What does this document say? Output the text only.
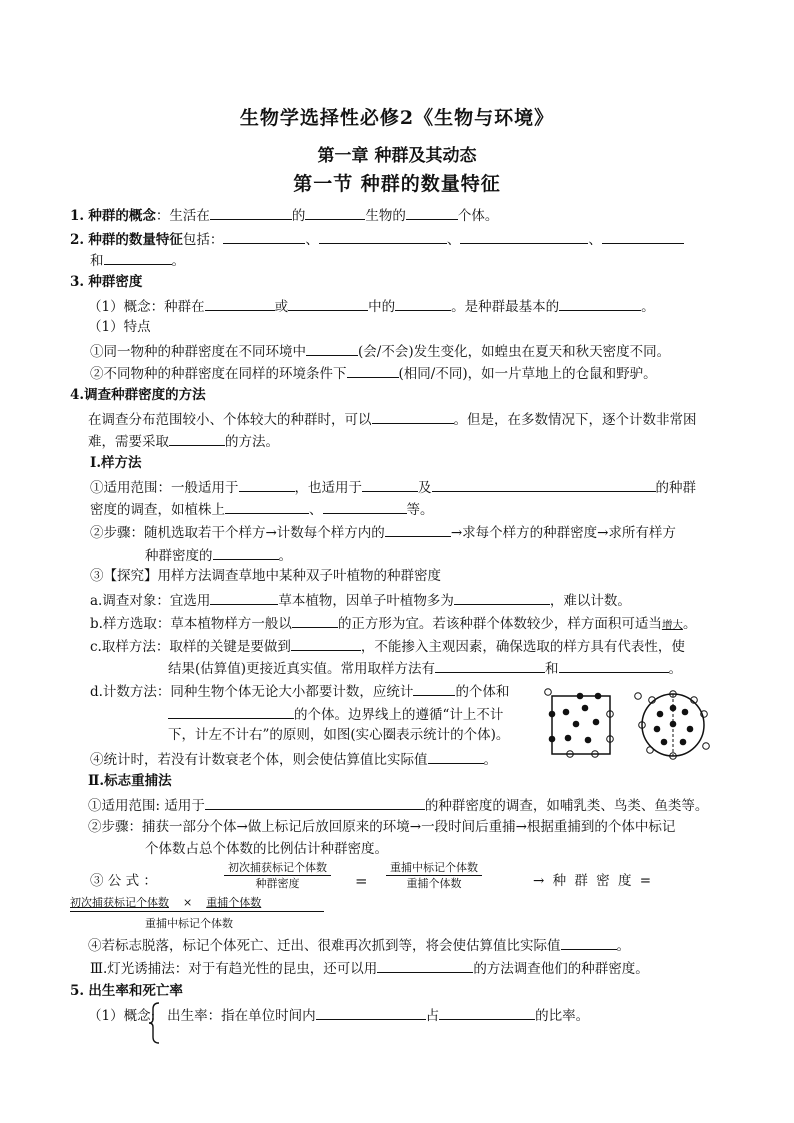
生物学选择性必修2《生物与环境》
第一章 种群及其动态
第一节 种群的数量特征
1. 种群的概念：生活在	的	生物的	个体。
2. 种群的数量特征包括：	、	、	、
和	。
3. 种群密度
（1）概念：种群在	或	中的	。是种群最基本的	。
（1）特点
①同一物种的种群密度在不同环境中	(会/不会)发生变化，如蝗虫在夏天和秋天密度不同。
②不同物种的种群密度在同样的环境条件下	(相同/不同)，如一片草地上的仓鼠和野驴。
4.调查种群密度的方法
在调查分布范围较小、个体较大的种群时，可以	。但是，在多数情况下，逐个计数非常困
难，需要采取	的方法。
Ⅰ.样方法
①适用范围：一般适用于	，也适用于	及	的种群
密度的调查，如植株上	、	等。
②步骤：随机选取若干个样方→计数每个样方内的	→求每个样方的种群密度→求所有样方
种群密度的	。
③【探究】用样方法调查草地中某种双子叶植物的种群密度
a.调查对象：宜选用	草本植物，因单子叶植物多为	，难以计数。
b.样方选取：草本植物样方一般以	的正方形为宜。若该种群个体数较少，样方面积可适当增大。
c.取样方法：取样的关键是要做到	，不能掺入主观因素，确保选取的样方具有代表性，使
结果(估算值)更接近真实值。常用取样方法有	和	。
d.计数方法：同种生物个体无论大小都要计数，应统计	的个体和
的个体。边界线上的遵循“计上不计
下，计左不计右”的原则，如图(实心圈表示统计的个体)。
④统计时，若没有计数衰老个体，则会使估算值比实际值	。
Ⅱ.标志重捕法
①适用范围: 适用于	的种群密度的调查，如哺乳类、鸟类、鱼类等。
②步骤：捕获一部分个体→做上标记后放回原来的环境→一段时间后重捕→根据重捕到的个体中标记
个体数占总个体数的比例估计种群密度。
③ 公 式 ：
初次捕获标记个体数
种群密度	=
重捕中标记个体数
重捕个体数	→ 种 群 密 度 =
初次捕获标记个体数 × 重捕个体数
重捕中标记个体数
④若标志脱落，标记个体死亡、迁出、很难再次抓到等，将会使估算值比实际值	。
Ⅲ.灯光诱捕法：对于有趋光性的昆虫，还可以用	的方法调查他们的种群密度。
5. 出生率和死亡率
（1）概念: 出生率：指在单位时间内	占	的比率。
